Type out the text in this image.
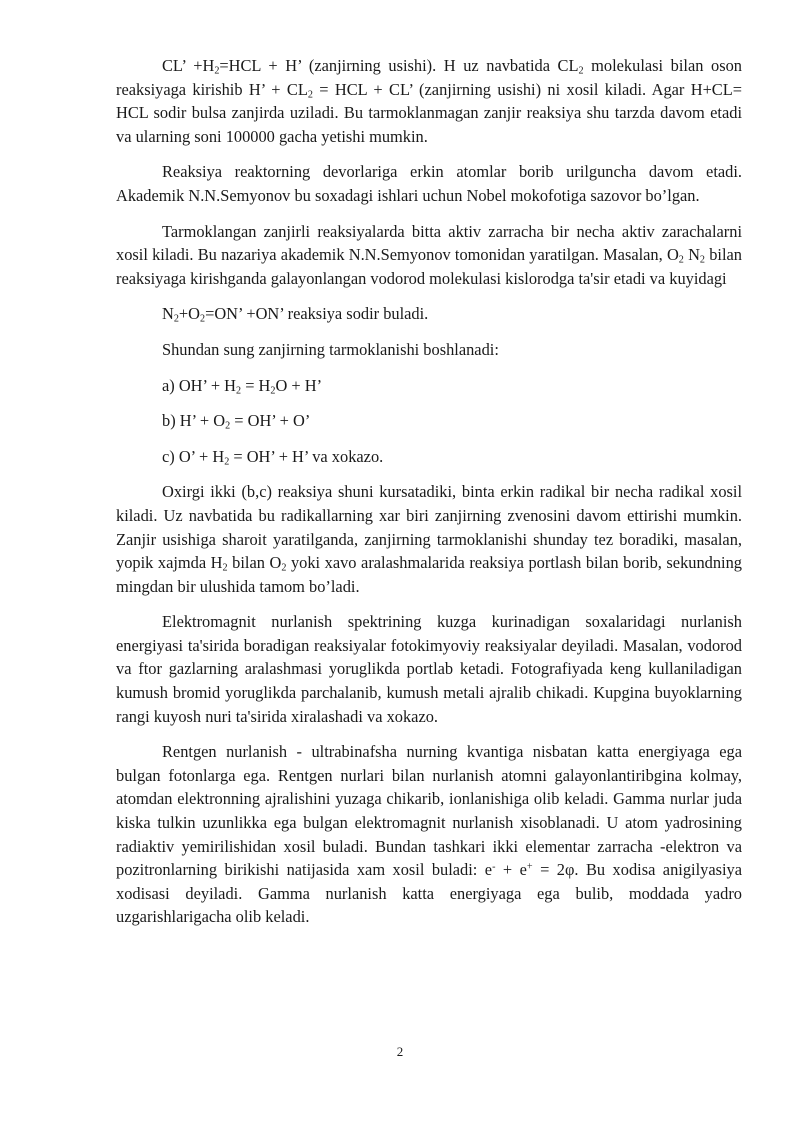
CL’ $+H_2=HCL + H$’ (zanjirning usishi). H uz navbatida $CL_2$ molekulasi bilan oson reaksiyaga kirishib H’ + $CL_2$ = HCL + CL’ (zanjirning usishi) ni xosil kiladi. Agar H+CL= HCL sodir bulsa zanjirda uziladi. Bu tarmoklanmagan zanjir reaksiya shu tarzda davom etadi va ularning soni 100000 gacha yetishi mumkin.

Reaksiya reaktorning devorlariga erkin atomlar borib urilguncha davom etadi. Akademik N.N.Semyonov bu soxadagi ishlari uchun Nobel mokofotiga sazovor bo’lgan.

Tarmoklangan zanjirli reaksiyalarda bitta aktiv zarracha bir necha aktiv zarachalarni xosil kiladi. Bu nazariya akademik N.N.Semyonov tomonidan yaratilgan. Masalan, $O_2$ $N_2$ bilan reaksiyaga kirishganda galayonlangan vodorod molekulasi kislorodga ta'sir etadi va kuyidagi

$N_2+O_2=ON$’ +ON’ reaksiya sodir buladi.

Shundan sung zanjirning tarmoklanishi boshlanadi:

a) OH’ + $H_2 = H_2O + H$’

b) H’ + $O_2$ = OH’ + O’

c) O’ + $H_2$ = OH’ + H’ va xokazo.

Oxirgi ikki (b,c) reaksiya shuni kursatadiki, binta erkin radikal bir necha radikal xosil kiladi. Uz navbatida bu radikallarning xar biri zanjirning zvenosini davom ettirishi mumkin. Zanjir usishiga sharoit yaratilganda, zanjirning tarmoklanishi shunday tez boradiki, masalan, yopik xajmda $H_2$ bilan $O_2$ yoki xavo aralashmalarida reaksiya portlash bilan borib, sekundning mingdan bir ulushida tamom bo’ladi.

Elektromagnit nurlanish spektrining kuzga kurinadigan soxalaridagi nurlanish energiyasi ta'sirida boradigan reaksiyalar fotokimyoviy reaksiyalar deyiladi. Masalan, vodorod va ftor gazlarning aralashmasi yoruglikda portlab ketadi. Fotografiyada keng kullaniladigan kumush bromid yoruglikda parchalanib, kumush metali ajralib chikadi. Kupgina buyoklarning rangi kuyosh nuri ta'sirida xiralashadi va xokazo.

Rentgen nurlanish - ultrabinafsha nurning kvantiga nisbatan katta energiyaga ega bulgan fotonlarga ega. Rentgen nurlari bilan nurlanish atomni galayonlantiribgina kolmay, atomdan elektronning ajralishini yuzaga chikarib, ionlanishiga olib keladi. Gamma nurlar juda kiska tulkin uzunlikka ega bulgan elektromagnit nurlanish xisoblanadi. U atom yadrosining radiaktiv yemirilishidan xosil buladi. Bundan tashkari ikki elementar zarracha -elektron va pozitronlarning birikishi natijasida xam xosil buladi: e- + e+ = 2φ. Bu xodisa anigilyasiya xodisasi deyiladi. Gamma nurlanish katta energiyaga ega bulib, moddada yadro uzgarishlarigacha olib keladi.

2
